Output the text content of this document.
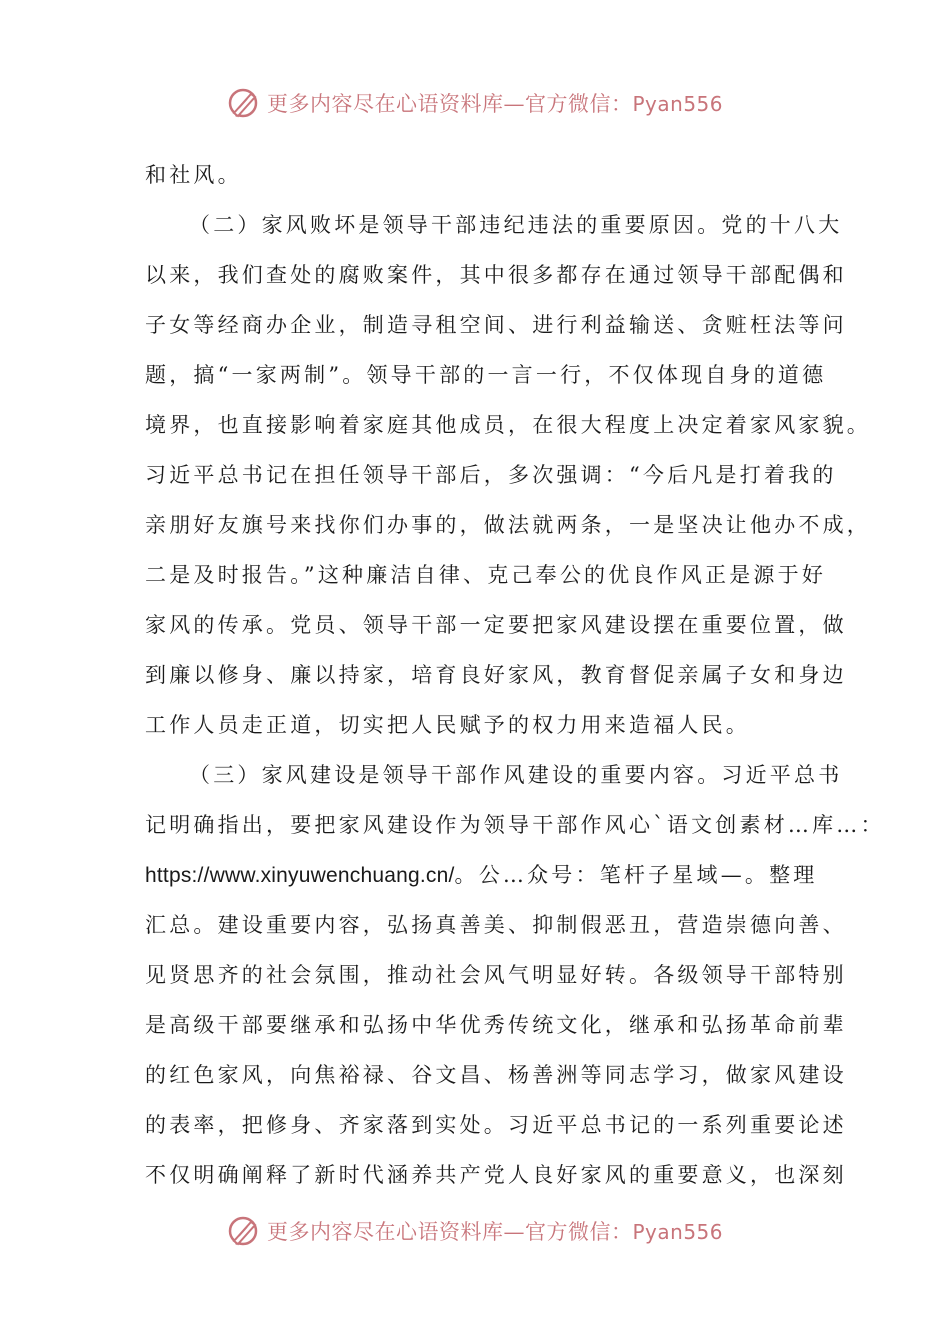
更多内容尽在心语资料库—官方微信：Pyan556
和社风。
（二）家风败坏是领导干部违纪违法的重要原因。党的十八大
以来，我们查处的腐败案件，其中很多都存在通过领导干部配偶和
子女等经商办企业，制造寻租空间、进行利益输送、贪赃枉法等问
题，搞“一家两制”。领导干部的一言一行，不仅体现自身的道德
境界，也直接影响着家庭其他成员，在很大程度上决定着家风家貌。
习近平总书记在担任领导干部后，多次强调：“今后凡是打着我的
亲朋好友旗号来找你们办事的，做法就两条，一是坚决让他办不成，
二是及时报告。”这种廉洁自律、克己奉公的优良作风正是源于好
家风的传承。党员、领导干部一定要把家风建设摆在重要位置，做
到廉以修身、廉以持家，培育良好家风，教育督促亲属子女和身边
工作人员走正道，切实把人民赋予的权力用来造福人民。
（三）家风建设是领导干部作风建设的重要内容。习近平总书
记明确指出，要把家风建设作为领导干部作风心`语文创素材…库…：
https://www.xinyuwenchuang.cn/。公…众号：笔杆子星域—。整理
汇总。建设重要内容，弘扬真善美、抑制假恶丑，营造崇德向善、
见贤思齐的社会氛围，推动社会风气明显好转。各级领导干部特别
是高级干部要继承和弘扬中华优秀传统文化，继承和弘扬革命前辈
的红色家风，向焦裕禄、谷文昌、杨善洲等同志学习，做家风建设
的表率，把修身、齐家落到实处。习近平总书记的一系列重要论述
不仅明确阐释了新时代涵养共产党人良好家风的重要意义，也深刻
更多内容尽在心语资料库—官方微信：Pyan556
